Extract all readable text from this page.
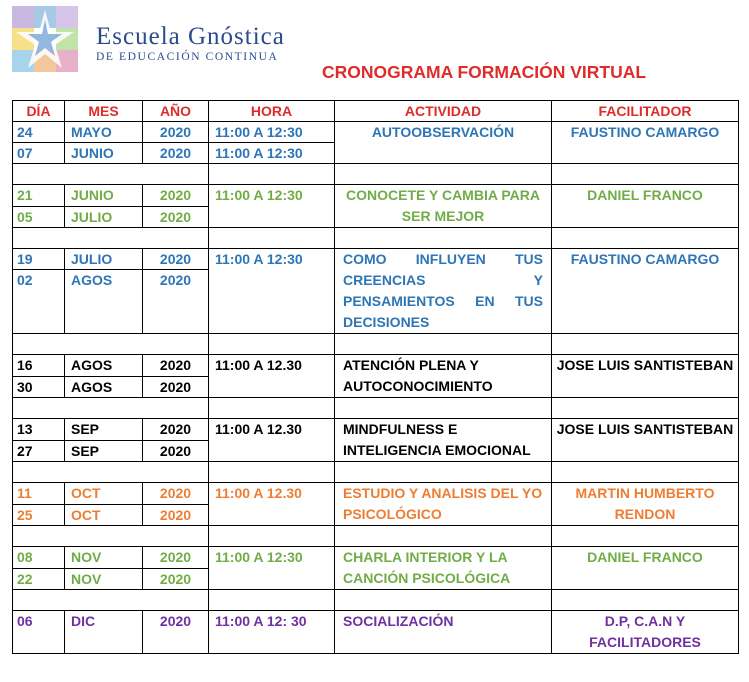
Escuela Gnóstica
DE EDUCACIÓN CONTINUA
CRONOGRAMA FORMACIÓN VIRTUAL
DÍA	MES	AÑO	HORA	ACTIVIDAD	FACILITADOR
24	MAYO	2020	11:00 A 12:30	AUTOOBSERVACIÓN	FAUSTINO CAMARGO
07	JUNIO	2020	11:00 A 12:30		

21	JUNIO	2020	11:00 A 12:30	CONOCETE Y CAMBIA PARA SER MEJOR	DANIEL FRANCO
05	JULIO	2020			

19	JULIO	2020	11:00 A 12:30	COMO INFLUYEN TUS CREENCIAS Y PENSAMIENTOS EN TUS DECISIONES	FAUSTINO CAMARGO
02	AGOS	2020			

16	AGOS	2020	11:00 A 12.30	ATENCIÓN PLENA Y AUTOCONOCIMIENTO	JOSE LUIS SANTISTEBAN
30	AGOS	2020			

13	SEP	2020	11:00 A 12.30	MINDFULNESS E INTELIGENCIA EMOCIONAL	JOSE LUIS SANTISTEBAN
27	SEP	2020			

11	OCT	2020	11:00 A 12.30	ESTUDIO Y ANALISIS DEL YO PSICOLÓGICO	MARTIN HUMBERTO RENDON
25	OCT	2020			

08	NOV	2020	11:00 A 12:30	CHARLA INTERIOR Y LA CANCIÓN PSICOLÓGICA	DANIEL FRANCO
22	NOV	2020			

06	DIC	2020	11:00 A 12: 30	SOCIALIZACIÓN	D.P, C.A.N Y FACILITADORES
